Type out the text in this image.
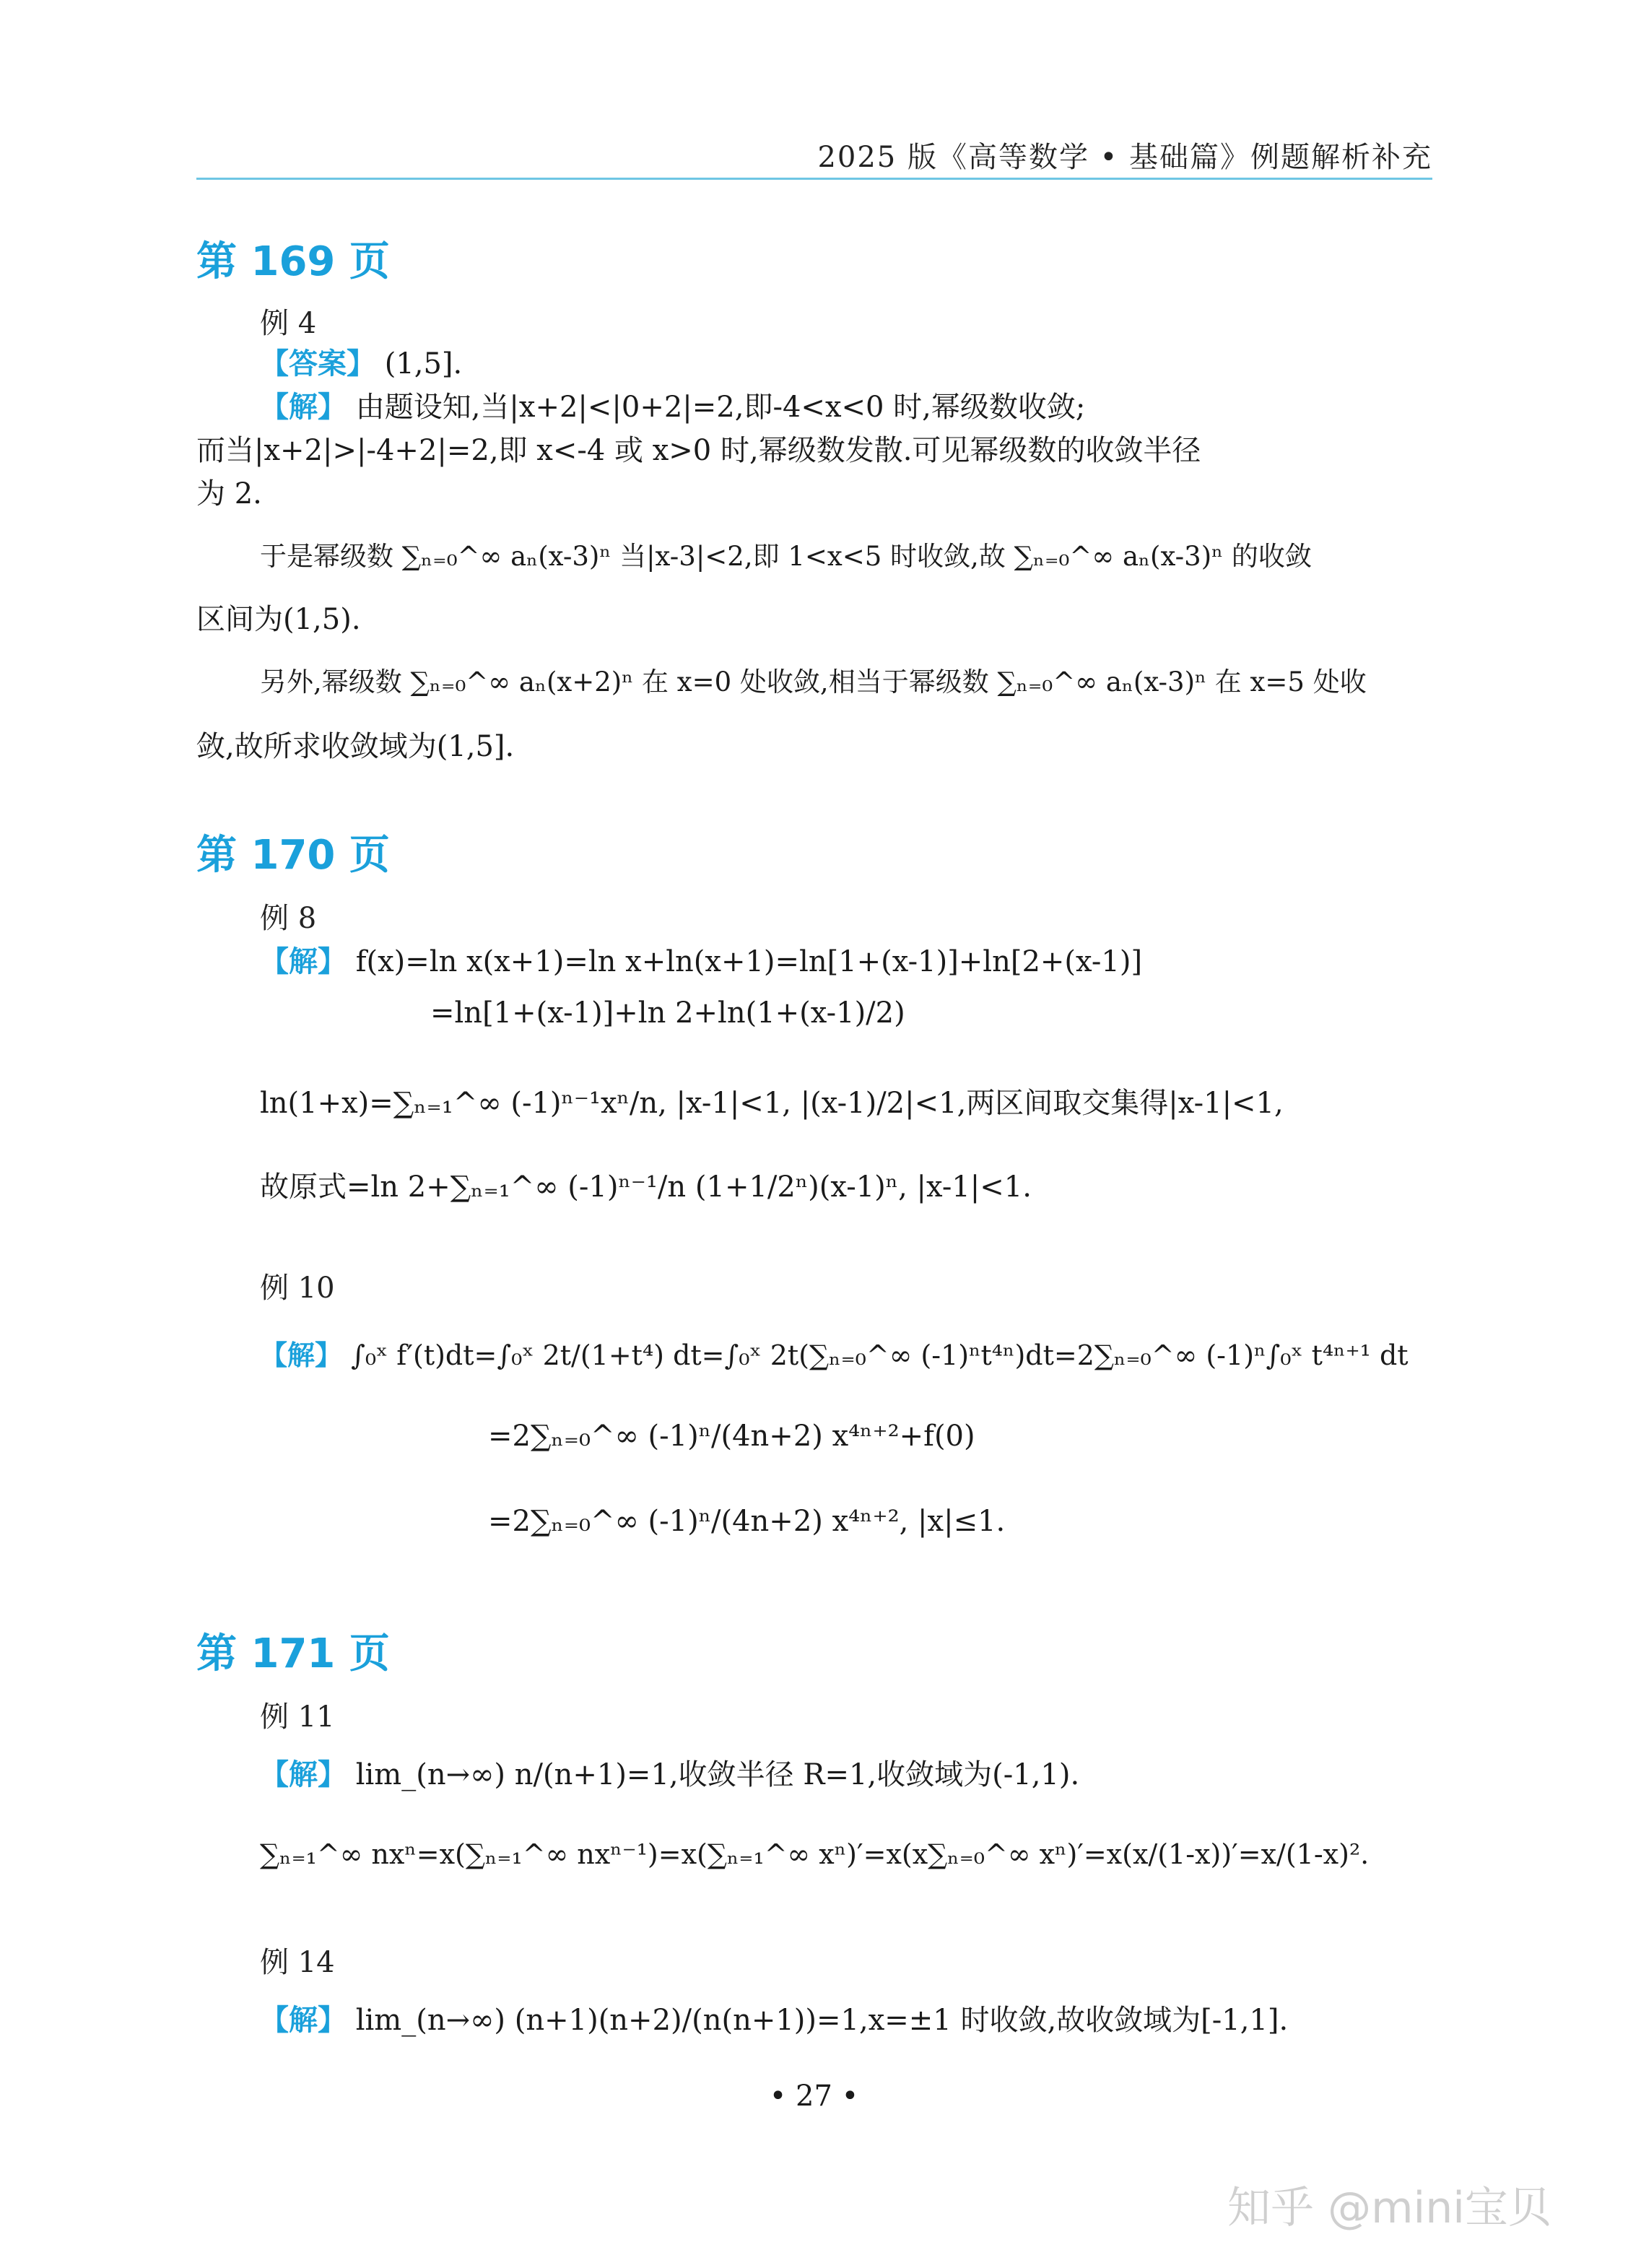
2025 版《高等数学 • 基础篇》例题解析补充
第 169 页
例 4
【答案】 (1,5].
【解】 由题设知,当|x+2|<|0+2|=2,即-4<x<0 时,幂级数收敛;
而当|x+2|>|-4+2|=2,即 x<-4 或 x>0 时,幂级数发散.可见幂级数的收敛半径
为 2.
于是幂级数 ∑ₙ₌₀^∞ aₙ(x-3)ⁿ 当|x-3|<2,即 1<x<5 时收敛,故 ∑ₙ₌₀^∞ aₙ(x-3)ⁿ 的收敛
区间为(1,5).
另外,幂级数 ∑ₙ₌₀^∞ aₙ(x+2)ⁿ 在 x=0 处收敛,相当于幂级数 ∑ₙ₌₀^∞ aₙ(x-3)ⁿ 在 x=5 处收
敛,故所求收敛域为(1,5].
第 170 页
例 8
【解】 f(x)=ln x(x+1)=ln x+ln(x+1)=ln[1+(x-1)]+ln[2+(x-1)]
=ln[1+(x-1)]+ln 2+ln(1+(x-1)/2)
ln(1+x)=∑ₙ₌₁^∞ (-1)ⁿ⁻¹xⁿ/n, |x-1|<1, |(x-1)/2|<1,两区间取交集得|x-1|<1,
故原式=ln 2+∑ₙ₌₁^∞ (-1)ⁿ⁻¹/n (1+1/2ⁿ)(x-1)ⁿ, |x-1|<1.
例 10
【解】 ∫₀ˣ f′(t)dt=∫₀ˣ 2t/(1+t⁴) dt=∫₀ˣ 2t(∑ₙ₌₀^∞ (-1)ⁿt⁴ⁿ)dt=2∑ₙ₌₀^∞ (-1)ⁿ∫₀ˣ t⁴ⁿ⁺¹ dt
=2∑ₙ₌₀^∞ (-1)ⁿ/(4n+2) x⁴ⁿ⁺²+f(0)
=2∑ₙ₌₀^∞ (-1)ⁿ/(4n+2) x⁴ⁿ⁺², |x|≤1.
第 171 页
例 11
【解】 lim_(n→∞) n/(n+1)=1,收敛半径 R=1,收敛域为(-1,1).
∑ₙ₌₁^∞ nxⁿ=x(∑ₙ₌₁^∞ nxⁿ⁻¹)=x(∑ₙ₌₁^∞ xⁿ)′=x(x∑ₙ₌₀^∞ xⁿ)′=x(x/(1-x))′=x/(1-x)².
例 14
【解】 lim_(n→∞) (n+1)(n+2)/(n(n+1))=1,x=±1 时收敛,故收敛域为[-1,1].
• 27 •
知乎 @mini宝贝
